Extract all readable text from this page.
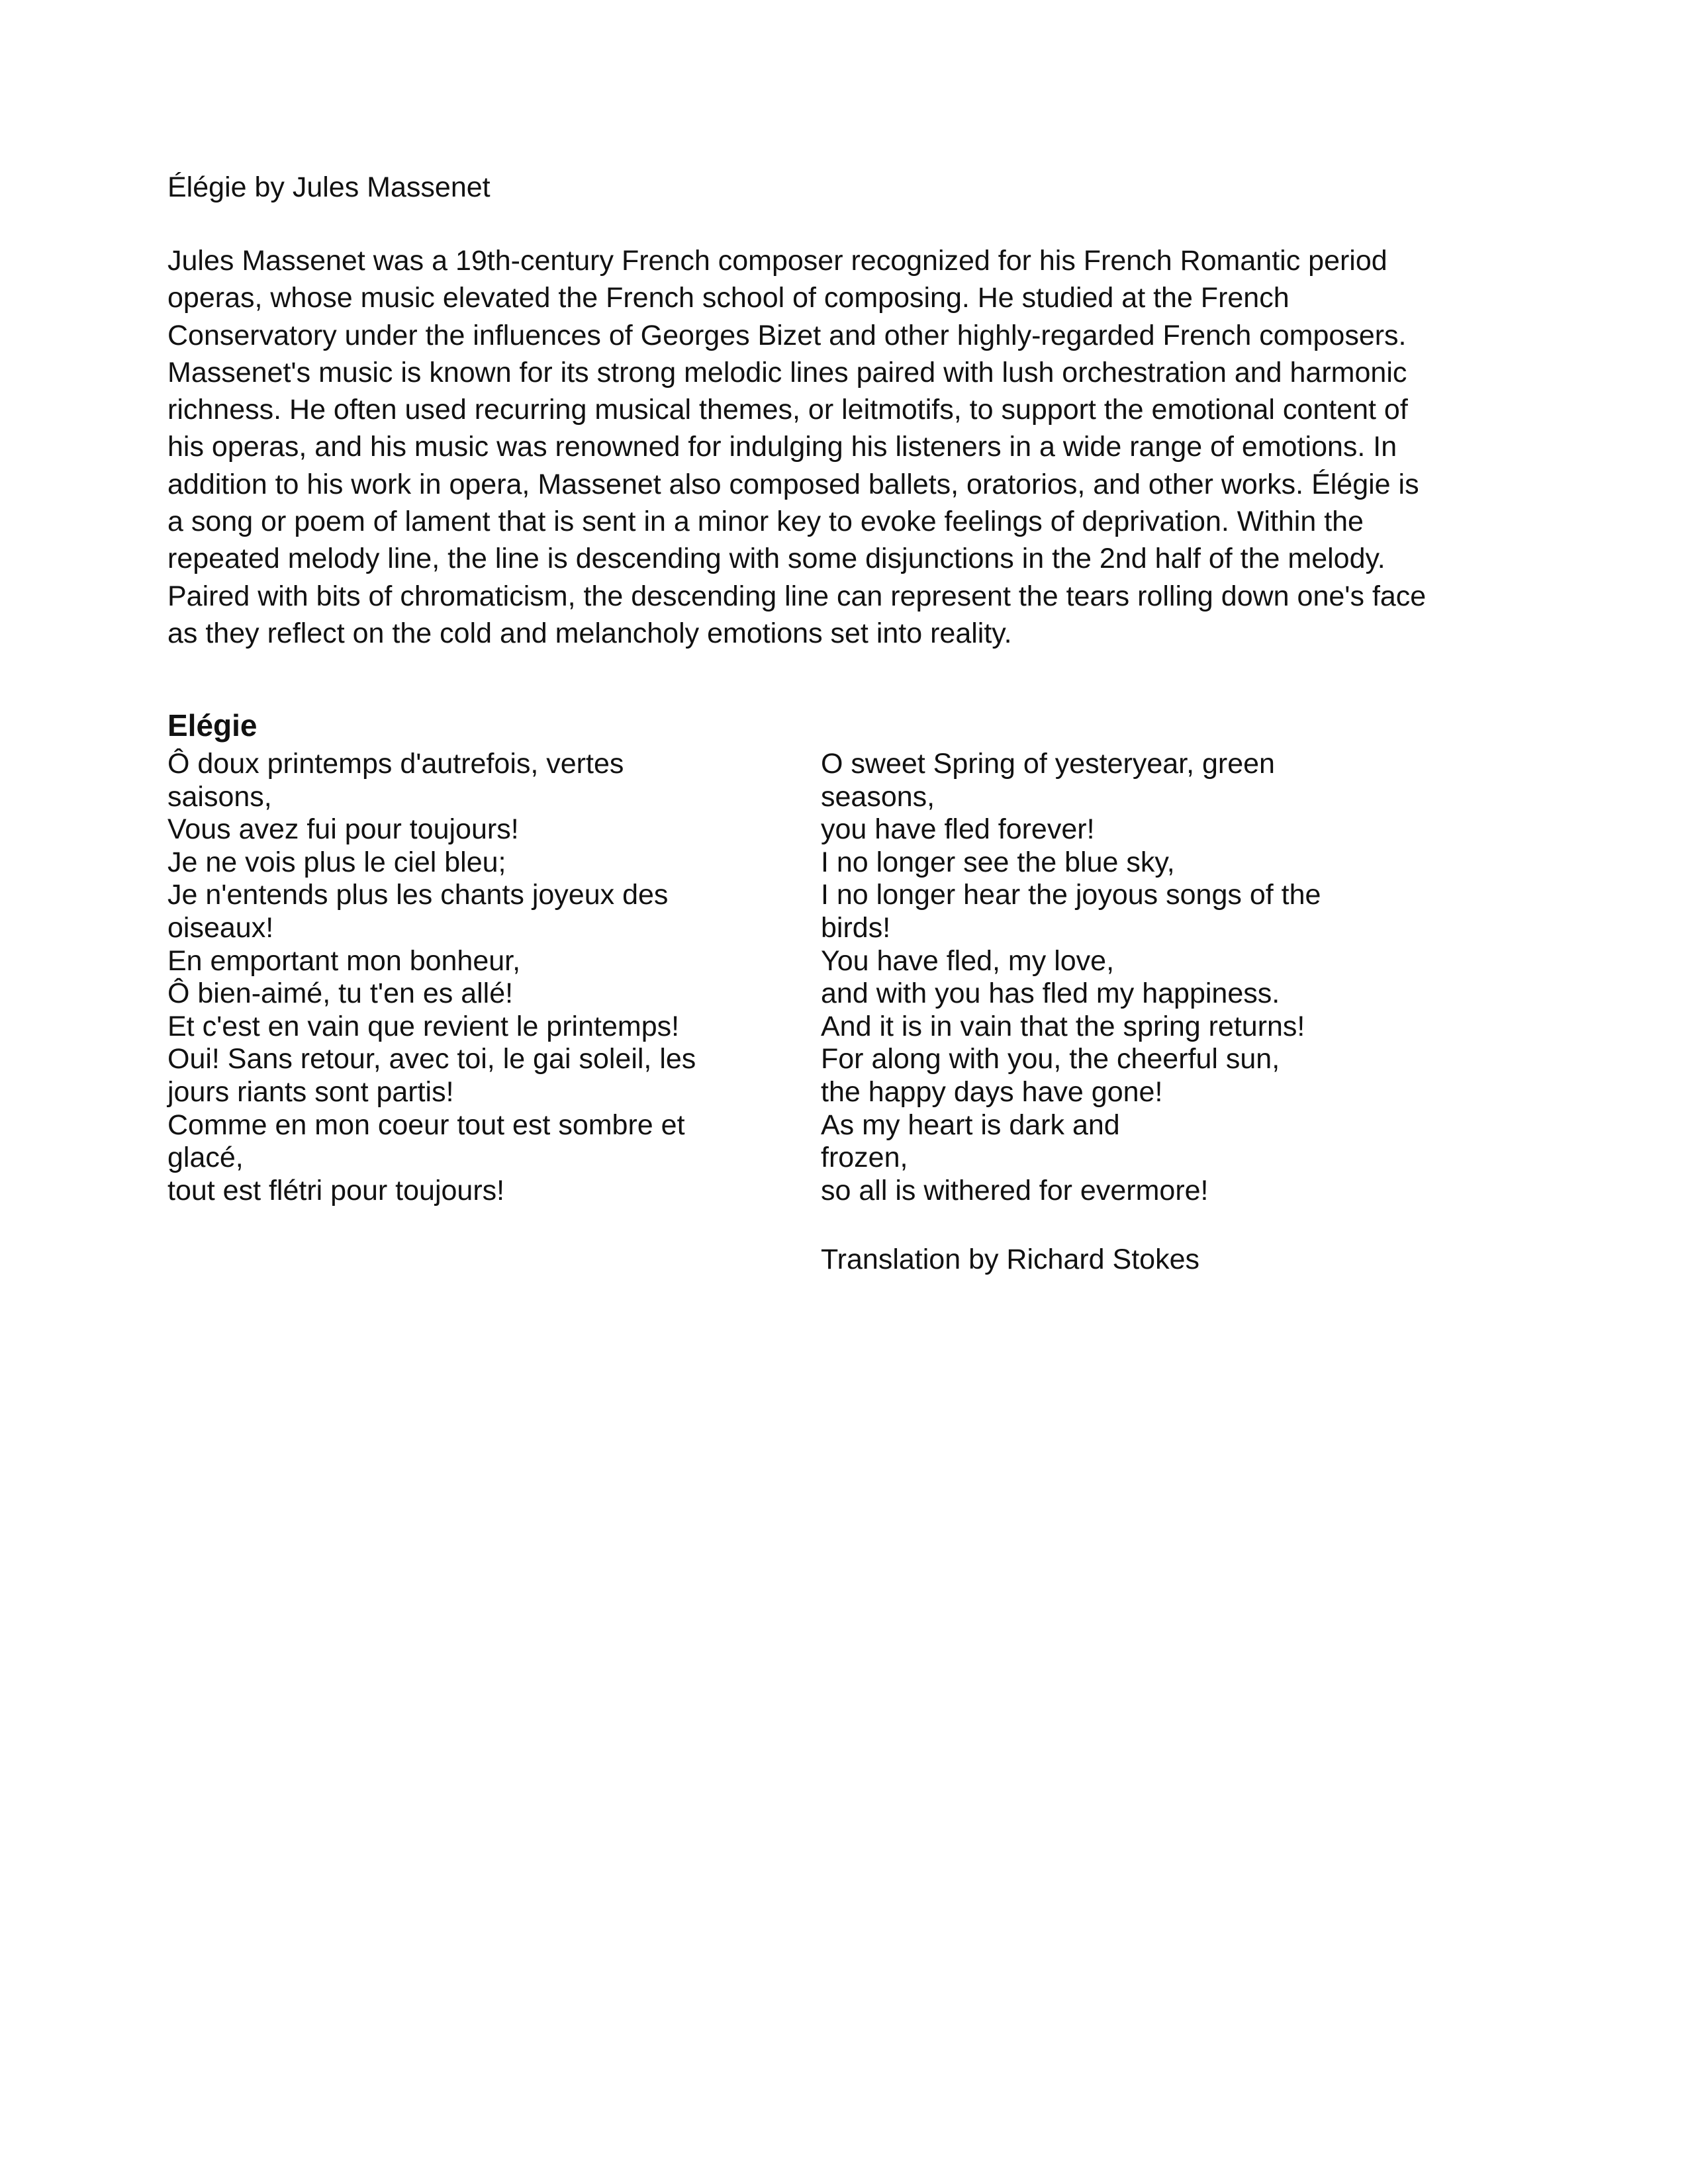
Élégie by Jules Massenet

Jules Massenet was a 19th-century French composer recognized for his French Romantic period
operas, whose music elevated the French school of composing. He studied at the French
Conservatory under the influences of Georges Bizet and other highly-regarded French composers.
Massenet's music is known for its strong melodic lines paired with lush orchestration and harmonic
richness. He often used recurring musical themes, or leitmotifs, to support the emotional content of
his operas, and his music was renowned for indulging his listeners in a wide range of emotions. In
addition to his work in opera, Massenet also composed ballets, oratorios, and other works. Élégie is
a song or poem of lament that is sent in a minor key to evoke feelings of deprivation. Within the
repeated melody line, the line is descending with some disjunctions in the 2nd half of the melody.
Paired with bits of chromaticism, the descending line can represent the tears rolling down one's face
as they reflect on the cold and melancholy emotions set into reality.

Elégie
Ô doux printemps d'autrefois, vertes
saisons,
Vous avez fui pour toujours!
Je ne vois plus le ciel bleu;
Je n'entends plus les chants joyeux des
oiseaux!
En emportant mon bonheur,
Ô bien-aimé, tu t'en es allé!
Et c'est en vain que revient le printemps!
Oui! Sans retour, avec toi, le gai soleil, les
jours riants sont partis!
Comme en mon coeur tout est sombre et
glacé,
tout est flétri pour toujours!
O sweet Spring of yesteryear, green
seasons,
you have fled forever!
I no longer see the blue sky,
I no longer hear the joyous songs of the
birds!
You have fled, my love,
and with you has fled my happiness.
And it is in vain that the spring returns!
For along with you, the cheerful sun,
the happy days have gone!
As my heart is dark and
frozen,
so all is withered for evermore!
Translation by Richard Stokes
